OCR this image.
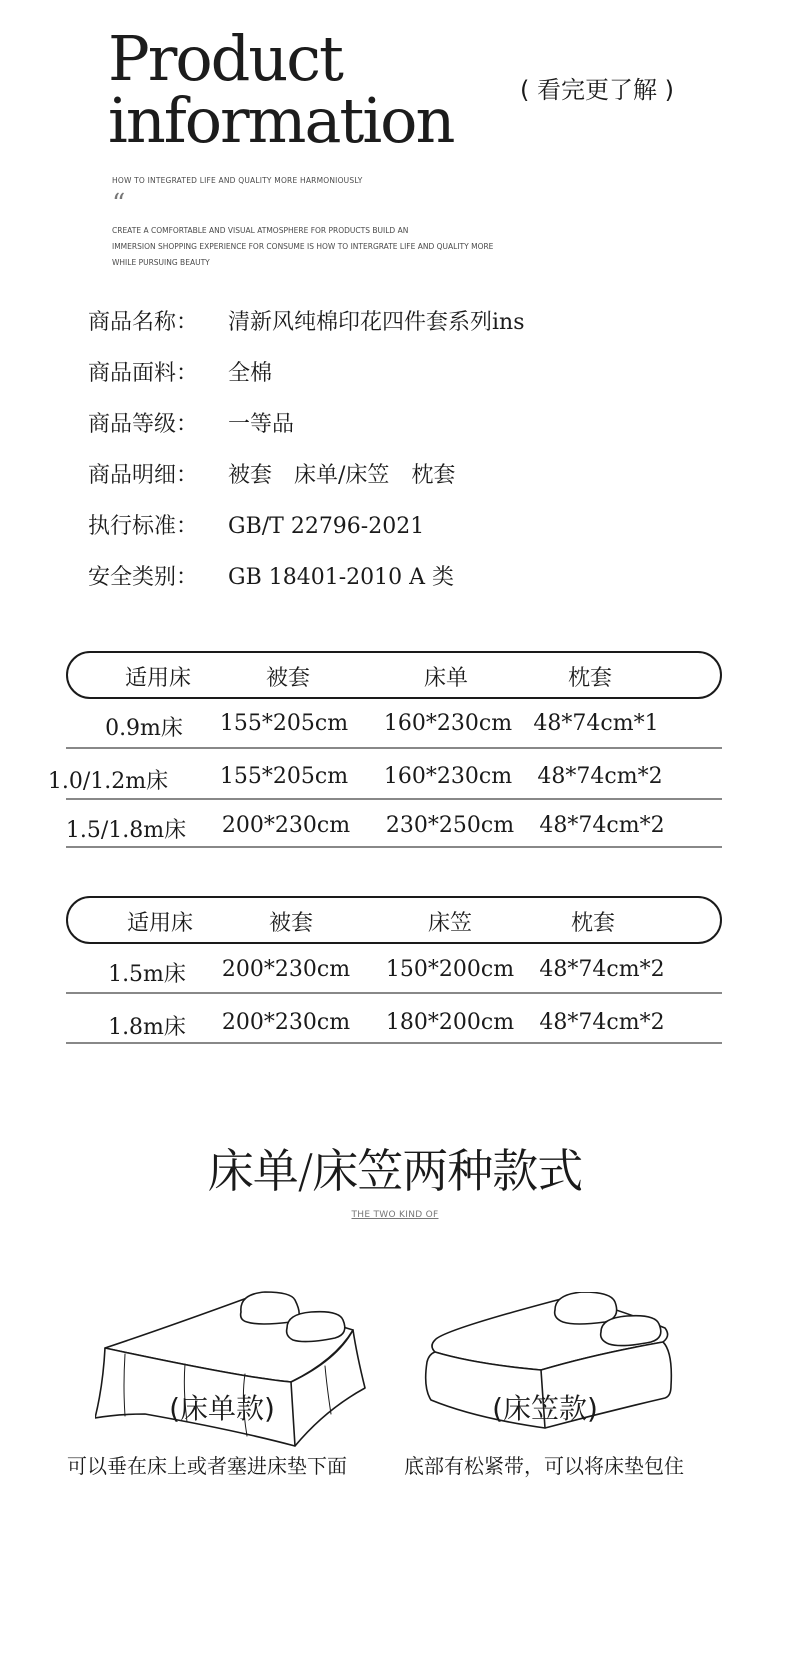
Product
information	( 看完更了解 )
HOW TO INTEGRATED LIFE AND QUALITY MORE HARMONIOUSLY
“
CREATE A COMFORTABLE AND VISUAL ATMOSPHERE FOR PRODUCTS BUILD AN
IMMERSION SHOPPING EXPERIENCE FOR CONSUME IS HOW TO INTERGRATE LIFE AND QUALITY MORE
WHILE PURSUING BEAUTY
商品名称： 清新风纯棉印花四件套系列ins
商品面料： 全棉
商品等级： 一等品
商品明细： 被套　床单/床笠　枕套
执行标准： GB/T 22796-2021
安全类别： GB 18401-2010 A 类
适用床	被套	床单	枕套
0.9m床 155*205cm 160*230cm 48*74cm*1
1.0/1.2m床 155*205cm 160*230cm 48*74cm*2
1.5/1.8m床 200*230cm 230*250cm 48*74cm*2
适用床	被套	床笠	枕套
1.5m床 200*230cm 150*200cm 48*74cm*2
1.8m床 200*230cm 180*200cm 48*74cm*2
床单/床笠两种款式
THE TWO KIND OF
(床单款)	(床笠款)
可以垂在床上或者塞进床垫下面	底部有松紧带，可以将床垫包住
